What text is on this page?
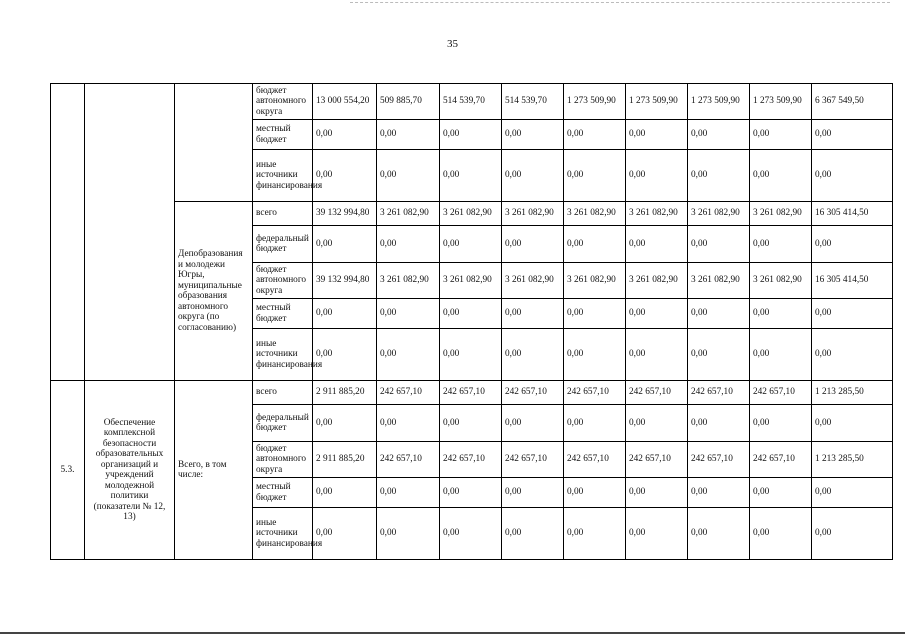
35
			бюджет автономного округа	13 000 554,20	509 885,70	514 539,70	514 539,70	1 273 509,90	1 273 509,90	1 273 509,90	1 273 509,90	6 367 549,50
			местный бюджет	0,00	0,00	0,00	0,00	0,00	0,00	0,00	0,00	0,00
			иные источники финансирования	0,00	0,00	0,00	0,00	0,00	0,00	0,00	0,00	0,00
		Депобразования и молодежи Югры, муниципальные образования автономного округа (по согласованию)	всего	39 132 994,80	3 261 082,90	3 261 082,90	3 261 082,90	3 261 082,90	3 261 082,90	3 261 082,90	3 261 082,90	16 305 414,50
			федеральный бюджет	0,00	0,00	0,00	0,00	0,00	0,00	0,00	0,00	0,00
			бюджет автономного округа	39 132 994,80	3 261 082,90	3 261 082,90	3 261 082,90	3 261 082,90	3 261 082,90	3 261 082,90	3 261 082,90	16 305 414,50
			местный бюджет	0,00	0,00	0,00	0,00	0,00	0,00	0,00	0,00	0,00
			иные источники финансирования	0,00	0,00	0,00	0,00	0,00	0,00	0,00	0,00	0,00
5.3.	Обеспечение комплексной безопасности образовательных организаций и учреждений молодежной политики (показатели № 12, 13)	Всего, в том числе:	всего	2 911 885,20	242 657,10	242 657,10	242 657,10	242 657,10	242 657,10	242 657,10	242 657,10	1 213 285,50
			федеральный бюджет	0,00	0,00	0,00	0,00	0,00	0,00	0,00	0,00	0,00
			бюджет автономного округа	2 911 885,20	242 657,10	242 657,10	242 657,10	242 657,10	242 657,10	242 657,10	242 657,10	1 213 285,50
			местный бюджет	0,00	0,00	0,00	0,00	0,00	0,00	0,00	0,00	0,00
			иные источники финансирования	0,00	0,00	0,00	0,00	0,00	0,00	0,00	0,00	0,00
